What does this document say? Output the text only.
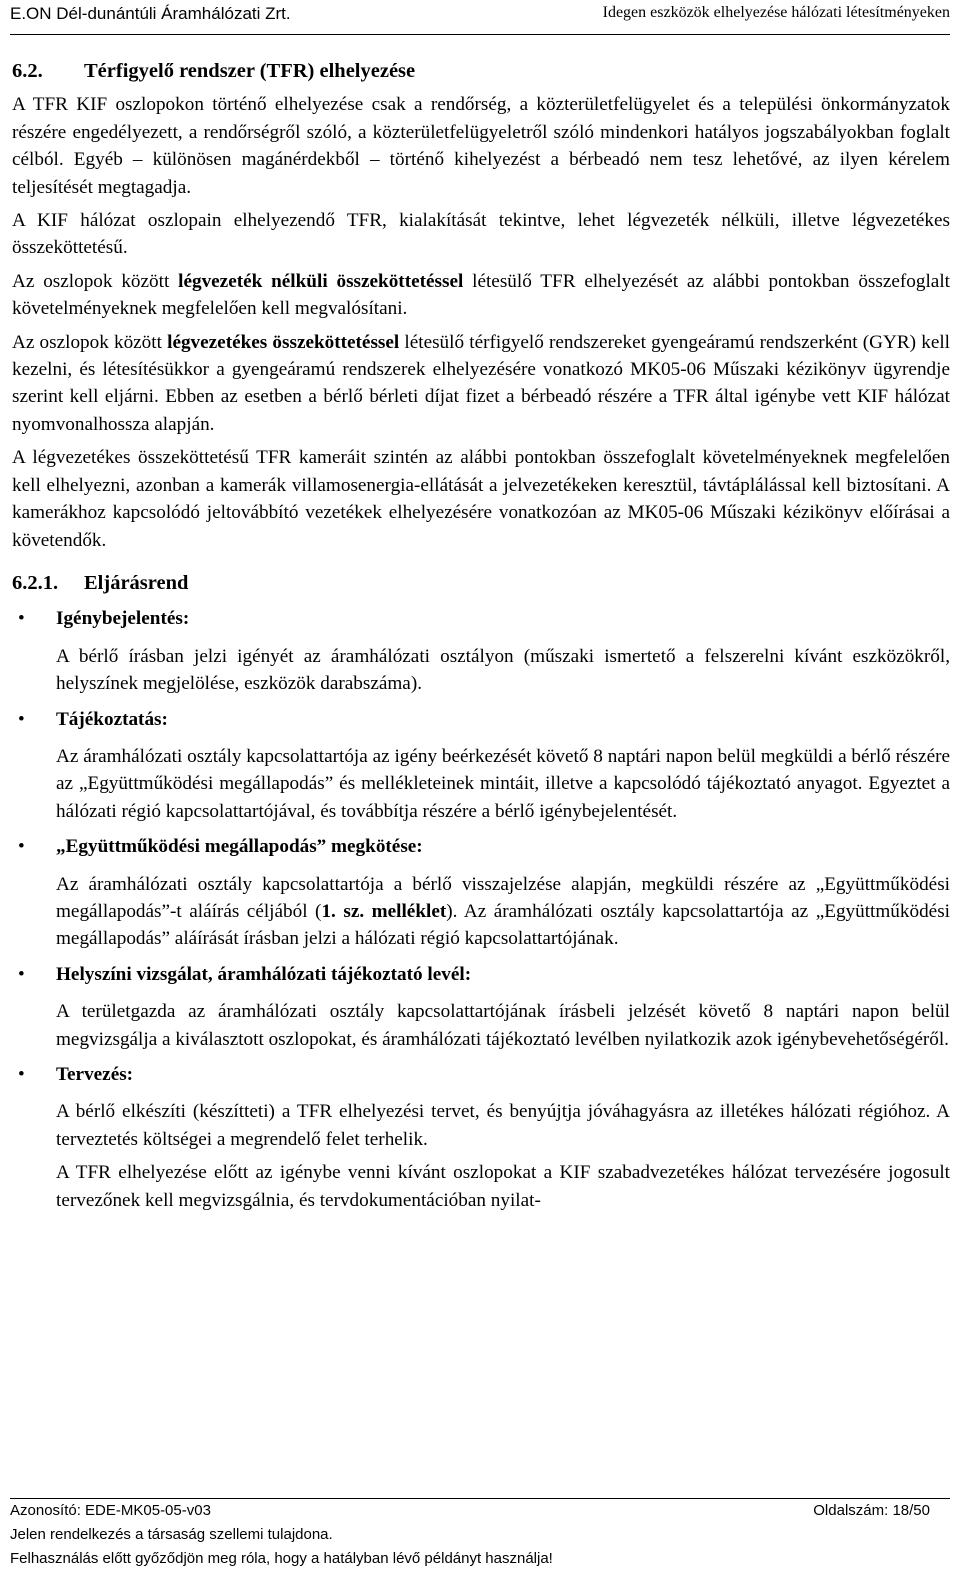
E.ON Dél-dunántúli Áramhálózati Zrt.	Idegen eszközök elhelyezése hálózati létesítményeken
6.2. Térfigyelő rendszer (TFR) elhelyezése

A TFR KIF oszlopokon történő elhelyezése csak a rendőrség, a közterületfelügyelet és a települési önkormányzatok részére engedélyezett, a rendőrségről szóló, a közterületfelügyeletről szóló mindenkori hatályos jogszabályokban foglalt célból. Egyéb – különösen magánérdekből – történő kihelyezést a bérbeadó nem tesz lehetővé, az ilyen kérelem teljesítését megtagadja.

A KIF hálózat oszlopain elhelyezendő TFR, kialakítását tekintve, lehet légvezeték nélküli, illetve légvezetékes összeköttetésű.

Az oszlopok között légvezeték nélküli összeköttetéssel létesülő TFR elhelyezését az alábbi pontokban összefoglalt követelményeknek megfelelően kell megvalósítani.

Az oszlopok között légvezetékes összeköttetéssel létesülő térfigyelő rendszereket gyengeáramú rendszerként (GYR) kell kezelni, és létesítésükkor a gyengeáramú rendszerek elhelyezésére vonatkozó MK05-06 Műszaki kézikönyv ügyrendje szerint kell eljárni. Ebben az esetben a bérlő bérleti díjat fizet a bérbeadó részére a TFR által igénybe vett KIF hálózat nyomvonalhossza alapján.

A légvezetékes összeköttetésű TFR kameráit szintén az alábbi pontokban összefoglalt követelményeknek megfelelően kell elhelyezni, azonban a kamerák villamosenergia-ellátását a jelvezetékeken keresztül, távtáplálással kell biztosítani. A kamerákhoz kapcsolódó jeltovábbító vezetékek elhelyezésére vonatkozóan az MK05-06 Műszaki kézikönyv előírásai a követendők.

6.2.1. Eljárásrend
• Igénybejelentés:

A bérlő írásban jelzi igényét az áramhálózati osztályon (műszaki ismertető a felszerelni kívánt eszközökről, helyszínek megjelölése, eszközök darabszáma).

• Tájékoztatás:

Az áramhálózati osztály kapcsolattartója az igény beérkezését követő 8 naptári napon belül megküldi a bérlő részére az „Együttműködési megállapodás” és mellékleteinek mintáit, illetve a kapcsolódó tájékoztató anyagot. Egyeztet a hálózati régió kapcsolattartójával, és továbbítja részére a bérlő igénybejelentését.

• „Együttműködési megállapodás” megkötése:

Az áramhálózati osztály kapcsolattartója a bérlő visszajelzése alapján, megküldi részére az „Együttműködési megállapodás”-t aláírás céljából (1. sz. melléklet). Az áramhálózati osztály kapcsolattartója az „Együttműködési megállapodás” aláírását írásban jelzi a hálózati régió kapcsolattartójának.

• Helyszíni vizsgálat, áramhálózati tájékoztató levél:

A területgazda az áramhálózati osztály kapcsolattartójának írásbeli jelzését követő 8 naptári napon belül megvizsgálja a kiválasztott oszlopokat, és áramhálózati tájékoztató levélben nyilatkozik azok igénybevehetőségéről.

• Tervezés:

A bérlő elkészíti (készítteti) a TFR elhelyezési tervet, és benyújtja jóváhagyásra az illetékes hálózati régióhoz. A terveztetés költségei a megrendelő felet terhelik.

A TFR elhelyezése előtt az igénybe venni kívánt oszlopokat a KIF szabadvezetékes hálózat tervezésére jogosult tervezőnek kell megvizsgálnia, és tervdokumentációban nyilat-

Azonosító: EDE-MK05-05-v03	Oldalszám: 18/50
Jelen rendelkezés a társaság szellemi tulajdona.
Felhasználás előtt győződjön meg róla, hogy a hatályban lévő példányt használja!
